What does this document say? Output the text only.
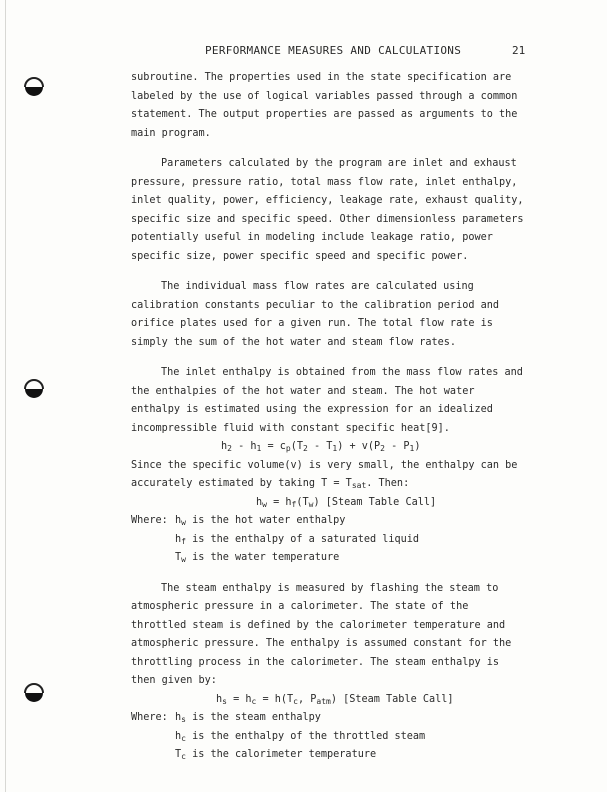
PERFORMANCE MEASURES AND CALCULATIONS	21
subroutine. The properties used in the state specification are
labeled by the use of logical variables passed through a common
statement. The output properties are passed as arguments to the
main program.
Parameters calculated by the program are inlet and exhaust
pressure, pressure ratio, total mass flow rate, inlet enthalpy,
inlet quality, power, efficiency, leakage rate, exhaust quality,
specific size and specific speed. Other dimensionless parameters
potentially useful in modeling include leakage ratio, power
specific size, power specific speed and specific power.
The individual mass flow rates are calculated using
calibration constants peculiar to the calibration period and
orifice plates used for a given run. The total flow rate is
simply the sum of the hot water and steam flow rates.
The inlet enthalpy is obtained from the mass flow rates and
the enthalpies of the hot water and steam. The hot water
enthalpy is estimated using the expression for an idealized
incompressible fluid with constant specific heat[9].
$h_2 - h_1 = c_p(T_2 - T_1) + v(P_2 - P_1)$
Since the specific volume(v) is very small, the enthalpy can be
accurately estimated by taking $T = T_{sat}$. Then:
$h_w = h_f(T_w)$ [Steam Table Call]
Where: $h_w$ is the hot water enthalpy
$h_f$ is the enthalpy of a saturated liquid
$T_w$ is the water temperature
The steam enthalpy is measured by flashing the steam to
atmospheric pressure in a calorimeter. The state of the
throttled steam is defined by the calorimeter temperature and
atmospheric pressure. The enthalpy is assumed constant for the
throttling process in the calorimeter. The steam enthalpy is
then given by:
$h_s = h_c = h(T_c$, $P_{atm}$) [Steam Table Call]
Where: $h_s$ is the steam enthalpy
$h_c$ is the enthalpy of the throttled steam
$T_c$ is the calorimeter temperature
